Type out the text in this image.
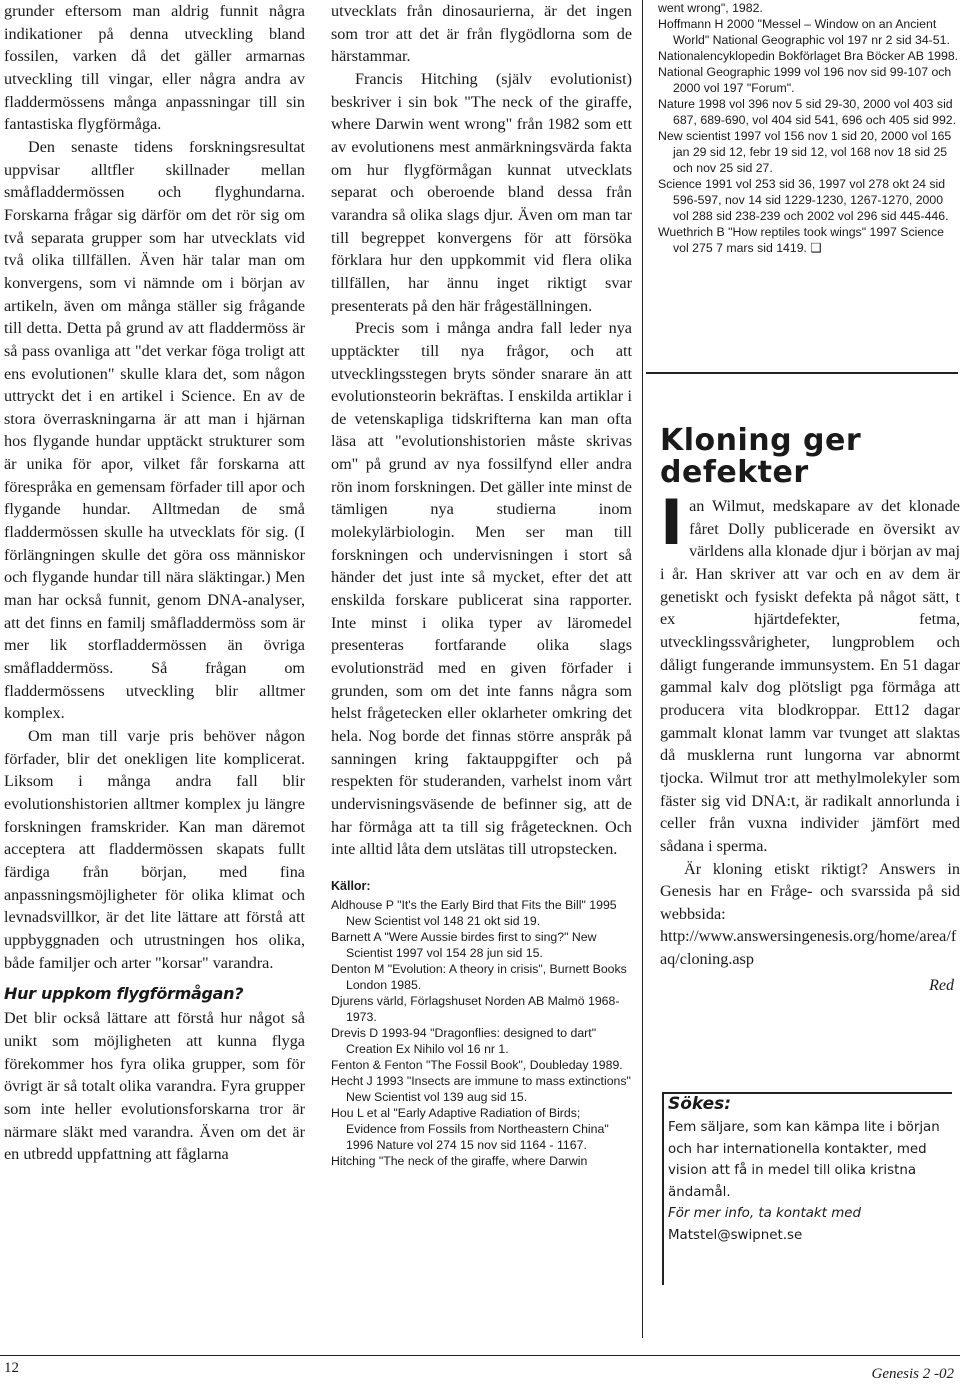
grunder eftersom man aldrig funnit några indikationer på denna utveckling bland fossilen, varken då det gäller armarnas utveckling till vingar, eller några andra av fladdermössens många anpassningar till sin fantastiska flygförmåga.

Den senaste tidens forskningsresultat uppvisar alltfler skillnader mellan småfladdermössen och flyghundarna. Forskarna frågar sig därför om det rör sig om två separata grupper som har utvecklats vid två olika tillfällen. Även här talar man om konvergens, som vi nämnde om i början av artikeln, även om många ställer sig frågande till detta. Detta på grund av att fladdermöss är så pass ovanliga att "det verkar föga troligt att ens evolutionen" skulle klara det, som någon uttryckt det i en artikel i Science. En av de stora överraskningarna är att man i hjärnan hos flygande hundar upptäckt strukturer som är unika för apor, vilket får forskarna att förespråka en gemensam förfader till apor och flygande hundar. Alltmedan de små fladdermössen skulle ha utvecklats för sig. (I förlängningen skulle det göra oss människor och flygande hundar till nära släktingar.) Men man har också funnit, genom DNA-analyser, att det finns en familj småfladdermöss som är mer lik storfladdermössen än övriga småfladdermöss. Så frågan om fladdermössens utveckling blir alltmer komplex.

Om man till varje pris behöver någon förfader, blir det onekligen lite komplicerat. Liksom i många andra fall blir evolutionshistorien alltmer komplex ju längre forskningen framskrider. Kan man däremot acceptera att fladdermössen skapats fullt färdiga från början, med fina anpassningsmöjligheter för olika klimat och levnadsvillkor, är det lite lättare att förstå att uppbyggnaden och utrustningen hos olika, både familjer och arter "korsar" varandra.

Hur uppkom flygförmågan?

Det blir också lättare att förstå hur något så unikt som möjligheten att kunna flyga förekommer hos fyra olika grupper, som för övrigt är så totalt olika varandra. Fyra grupper som inte heller evolutionsforskarna tror är närmare släkt med varandra. Även om det är en utbredd uppfattning att fåglarna

utvecklats från dinosaurierna, är det ingen som tror att det är från flygödlorna som de härstammar.

Francis Hitching (själv evolutionist) beskriver i sin bok "The neck of the giraffe, where Darwin went wrong" från 1982 som ett av evolutionens mest anmärkningsvärda fakta om hur flygförmågan kunnat utvecklats separat och oberoende bland dessa från varandra så olika slags djur. Även om man tar till begreppet konvergens för att försöka förklara hur den uppkommit vid flera olika tillfällen, har ännu inget riktigt svar presenterats på den här frågeställningen.

Precis som i många andra fall leder nya upptäckter till nya frågor, och att utvecklingsstegen bryts sönder snarare än att evolutionsteorin bekräftas. I enskilda artiklar i de vetenskapliga tidskrifterna kan man ofta läsa att "evolutionshistorien måste skrivas om" på grund av nya fossilfynd eller andra rön inom forskningen. Det gäller inte minst de tämligen nya studierna inom molekylärbiologin. Men ser man till forskningen och undervisningen i stort så händer det just inte så mycket, efter det att enskilda forskare publicerat sina rapporter. Inte minst i olika typer av läromedel presenteras fortfarande olika slags evolutionsträd med en given förfader i grunden, som om det inte fanns några som helst frågetecken eller oklarheter omkring det hela. Nog borde det finnas större anspråk på sanningen kring faktauppgifter och på respekten för studeranden, varhelst inom vårt undervisningsväsende de befinner sig, att de har förmåga att ta till sig frågetecknen. Och inte alltid låta dem utslätas till utropstecken.

Källor:

Aldhouse P "It's the Early Bird that Fits the Bill" 1995 New Scientist vol 148 21 okt sid 19.

Barnett A "Were Aussie birdes first to sing?" New Scientist 1997 vol 154 28 jun sid 15.

Denton M "Evolution: A theory in crisis", Burnett Books London 1985.

Djurens värld, Förlagshuset Norden AB Malmö 1968-1973.

Drevis D 1993-94 "Dragonflies: designed to dart" Creation Ex Nihilo vol 16 nr 1.

Fenton & Fenton "The Fossil Book", Doubleday 1989.

Hecht J 1993 "Insects are immune to mass extinctions" New Scientist vol 139 aug sid 15.

Hou L et al "Early Adaptive Radiation of Birds; Evidence from Fossils from Northeastern China" 1996 Nature vol 274 15 nov sid 1164 - 1167.

Hitching "The neck of the giraffe, where Darwin

went wrong", 1982.

Hoffmann H 2000 "Messel – Window on an Ancient World" National Geographic vol 197 nr 2 sid 34-51.

Nationalencyklopedin Bokförlaget Bra Böcker AB 1998.

National Geographic 1999 vol 196 nov sid 99-107 och 2000 vol 197 "Forum".

Nature 1998 vol 396 nov 5 sid 29-30, 2000 vol 403 sid 687, 689-690, vol 404 sid 541, 696 och 405 sid 992.

New scientist 1997 vol 156 nov 1 sid 20, 2000 vol 165 jan 29 sid 12, febr 19 sid 12, vol 168 nov 18 sid 25 och nov 25 sid 27.

Science 1991 vol 253 sid 36, 1997 vol 278 okt 24 sid 596-597, nov 14 sid 1229-1230, 1267-1270, 2000 vol 288 sid 238-239 och 2002 vol 296 sid 445-446.

Wuethrich B "How reptiles took wings" 1997 Science vol 275 7 mars sid 1419. ❑

Kloning ger defekter

Ian Wilmut, medskapare av det klonade fåret Dolly publicerade en översikt av världens alla klonade djur i början av maj i år. Han skriver att var och en av dem är genetiskt och fysiskt defekta på något sätt, t ex hjärtdefekter, fetma, utvecklingssvårigheter, lungproblem och dåligt fungerande immunsystem. En 51 dagar gammal kalv dog plötsligt pga förmåga att producera vita blodkroppar. Ett12 dagar gammalt klonat lamm var tvunget att slaktas då musklerna runt lungorna var abnormt tjocka. Wilmut tror att methylmolekyler som fäster sig vid DNA:t, är radikalt annorlunda i celler från vuxna individer jämfört med sådana i sperma.

Är kloning etiskt riktigt? Answers in Genesis har en Fråge- och svarssida på sid webbsida:

http://www.answersingenesis.org/home/area/faq/cloning.asp

Red
Sökes:
Fem säljare, som kan kämpa lite i början och har internationella kontakter, med vision att få in medel till olika kristna ändamål.
För mer info, ta kontakt med
Matstel@swipnet.se
12	Genesis 2 -02
